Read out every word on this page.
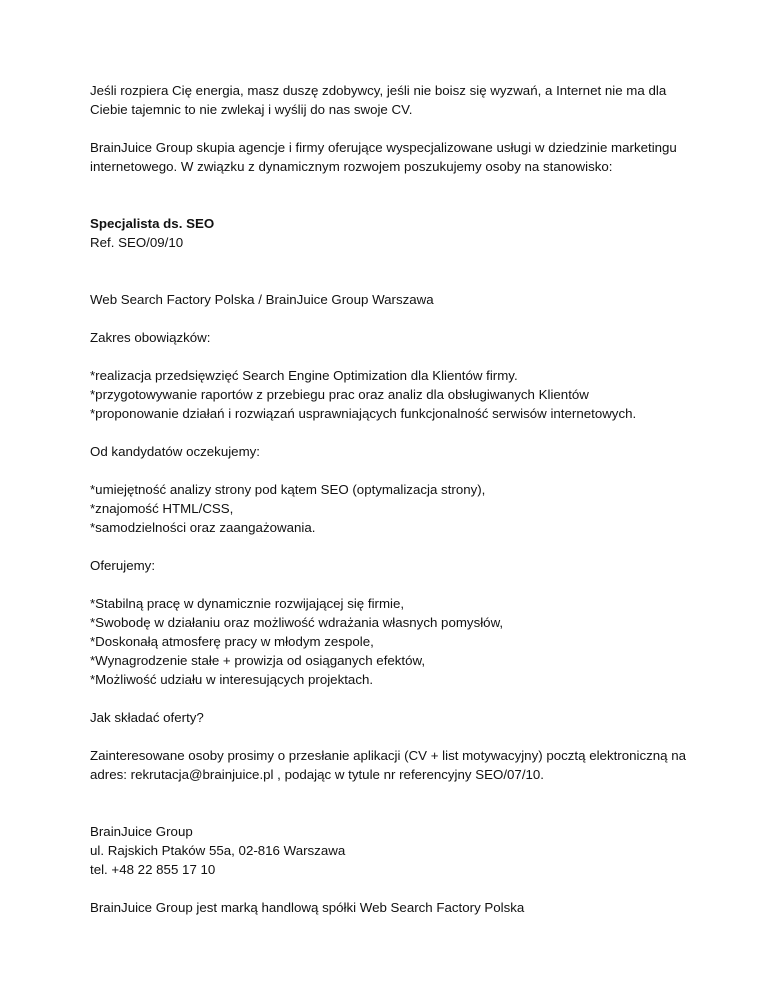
Jeśli rozpiera Cię energia, masz duszę zdobywcy, jeśli nie boisz się wyzwań, a Internet nie ma dla
Ciebie tajemnic to nie zwlekaj i wyślij do nas swoje CV.

BrainJuice Group skupia agencje i firmy oferujące wyspecjalizowane usługi w dziedzinie marketingu
internetowego. W związku z dynamicznym rozwojem poszukujemy osoby na stanowisko:

Specjalista ds. SEO
Ref. SEO/09/10

Web Search Factory Polska / BrainJuice Group Warszawa

Zakres obowiązków:

*realizacja przedsięwzięć Search Engine Optimization dla Klientów firmy.
*przygotowywanie raportów z przebiegu prac oraz analiz dla obsługiwanych Klientów
*proponowanie działań i rozwiązań usprawniających funkcjonalność serwisów internetowych.

Od kandydatów oczekujemy:

*umiejętność analizy strony pod kątem SEO (optymalizacja strony),
*znajomość HTML/CSS,
*samodzielności oraz zaangażowania.

Oferujemy:

*Stabilną pracę w dynamicznie rozwijającej się firmie,
*Swobodę w działaniu oraz możliwość wdrażania własnych pomysłów,
*Doskonałą atmosferę pracy w młodym zespole,
*Wynagrodzenie stałe + prowizja od osiąganych efektów,
*Możliwość udziału w interesujących projektach.

Jak składać oferty?

Zainteresowane osoby prosimy o przesłanie aplikacji (CV + list motywacyjny) pocztą elektroniczną na
adres: rekrutacja@brainjuice.pl , podając w tytule nr referencyjny SEO/07/10.

BrainJuice Group
ul. Rajskich Ptaków 55a, 02-816 Warszawa
tel. +48 22 855 17 10

BrainJuice Group jest marką handlową spółki Web Search Factory Polska
